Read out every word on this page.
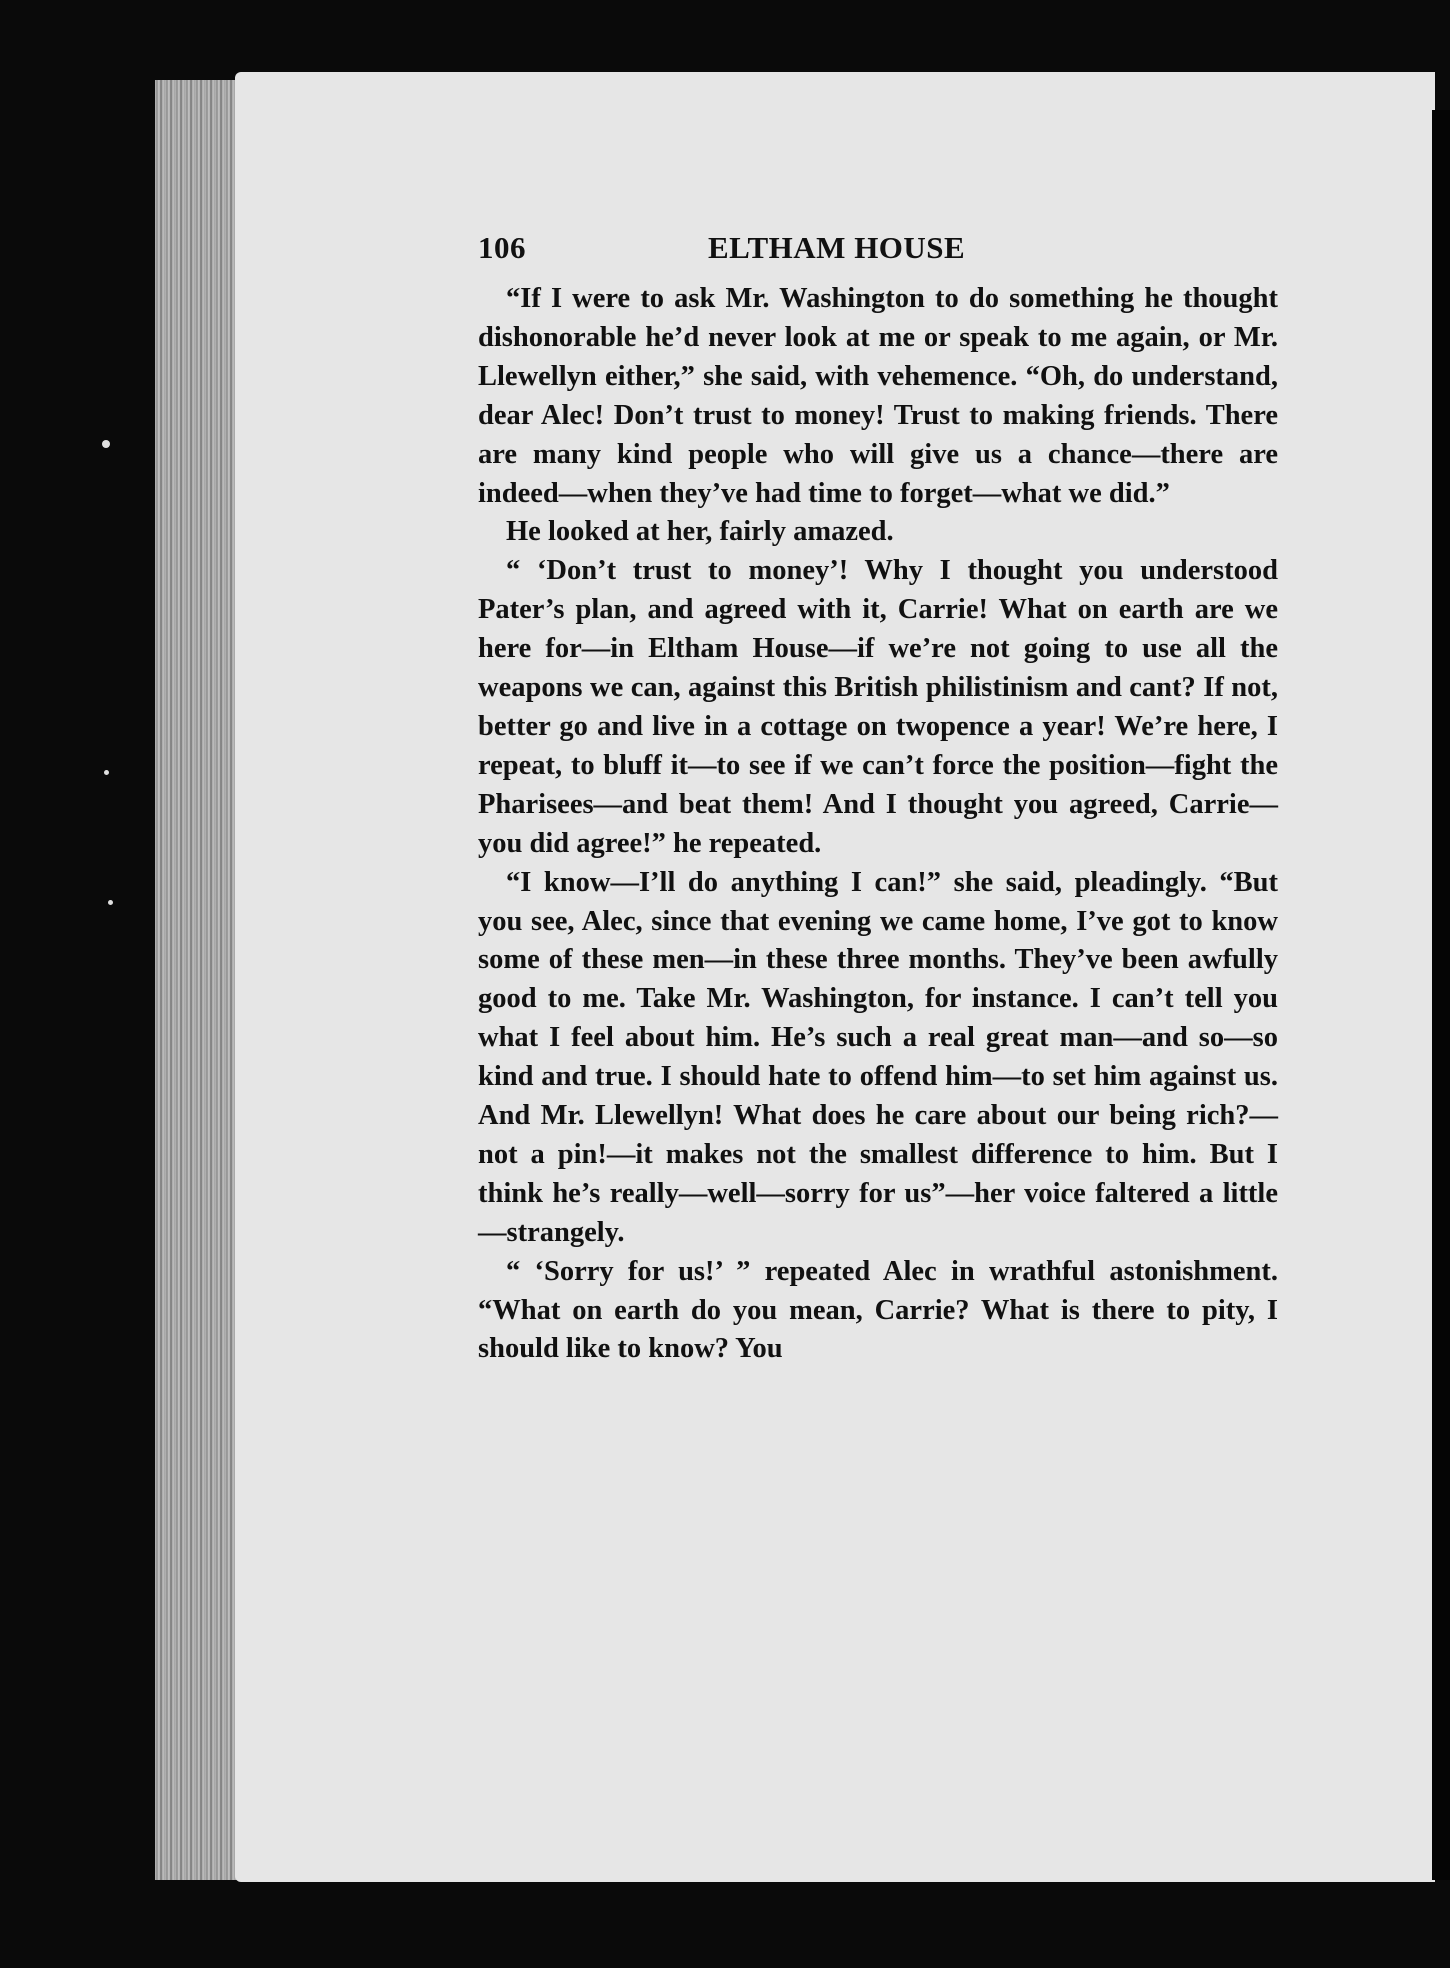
106	ELTHAM HOUSE

“If I were to ask Mr. Washington to do something he thought dishonorable he’d never look at me or speak to me again, or Mr. Llewellyn either,” she said, with vehemence. “Oh, do understand, dear Alec! Don’t trust to money! Trust to making friends. There are many kind people who will give us a chance—there are indeed—when they’ve had time to forget—what we did.”

He looked at her, fairly amazed.

“ ‘Don’t trust to money’! Why I thought you understood Pater’s plan, and agreed with it, Carrie! What on earth are we here for—in Eltham House—if we’re not going to use all the weapons we can, against this British philistinism and cant? If not, better go and live in a cottage on twopence a year! We’re here, I repeat, to bluff it—to see if we can’t force the position—fight the Pharisees—and beat them! And I thought you agreed, Carrie—you did agree!” he repeated.

“I know—I’ll do anything I can!” she said, pleadingly. “But you see, Alec, since that evening we came home, I’ve got to know some of these men—in these three months. They’ve been awfully good to me. Take Mr. Washington, for instance. I can’t tell you what I feel about him. He’s such a real great man—and so—so kind and true. I should hate to offend him—to set him against us. And Mr. Llewellyn! What does he care about our being rich?—not a pin!—it makes not the smallest difference to him. But I think he’s really—well—sorry for us”—her voice faltered a little—strangely.

“ ‘Sorry for us!’ ” repeated Alec in wrathful astonishment. “What on earth do you mean, Carrie? What is there to pity, I should like to know? You
